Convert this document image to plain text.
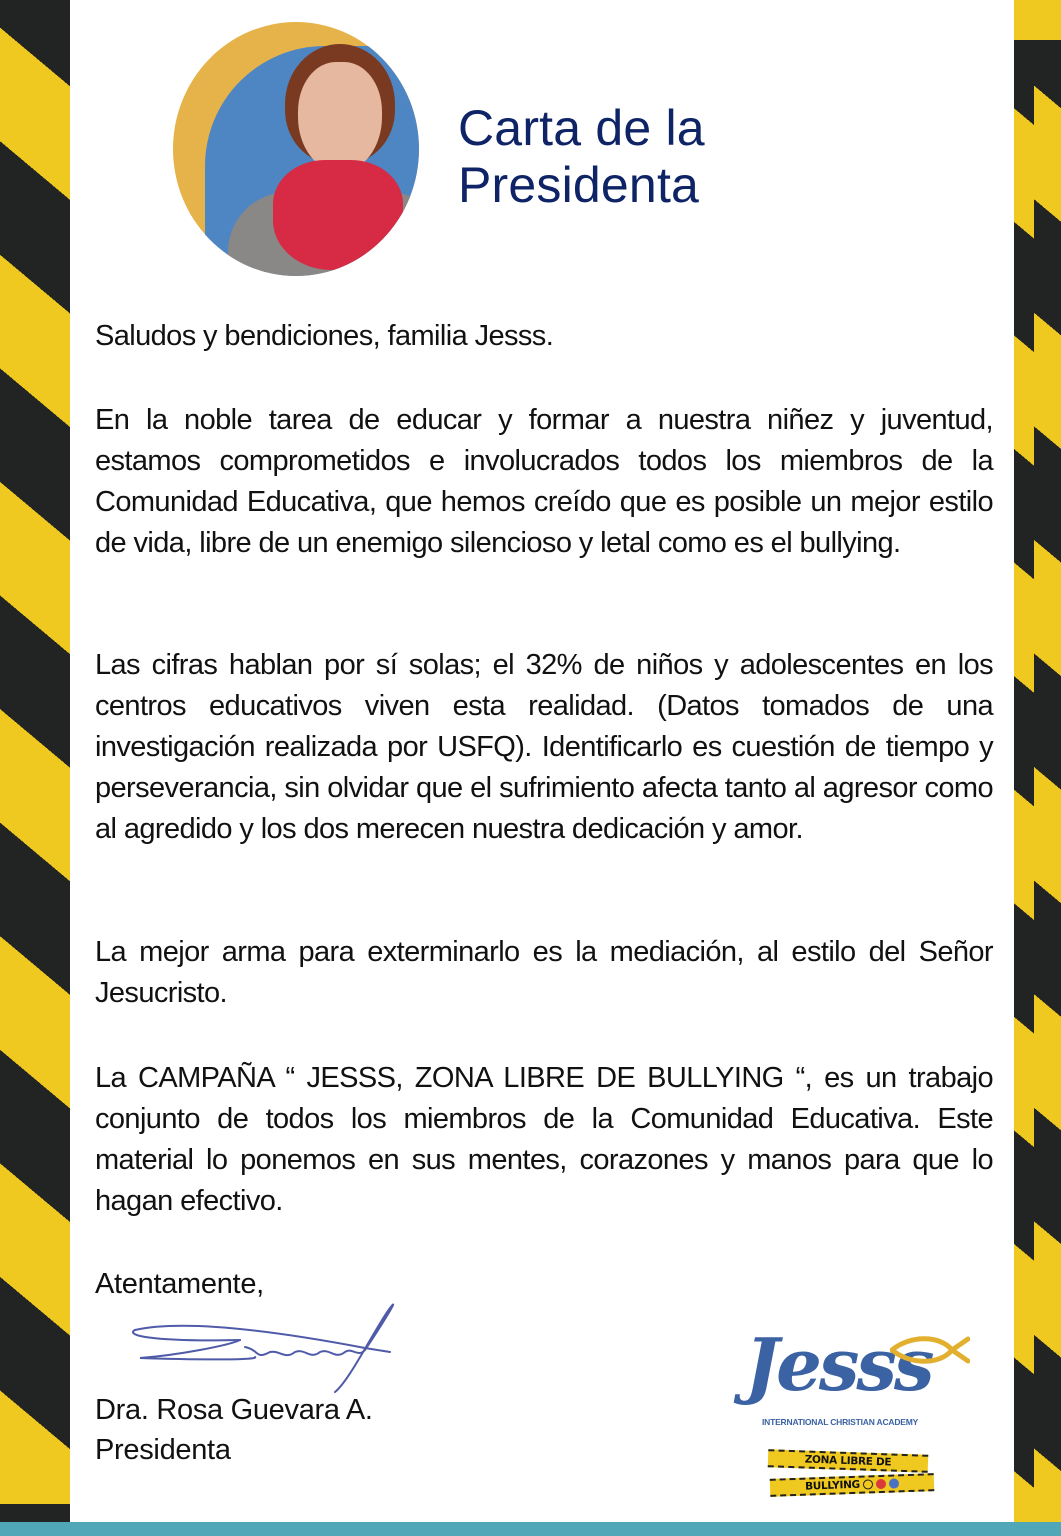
Carta de la
Presidenta
Saludos y bendiciones, familia Jesss.
En la noble tarea de educar y formar a nuestra niñez y juventud, estamos comprometidos e involucrados todos los miembros de la Comunidad Educativa, que hemos creído que es posible un mejor estilo de vida, libre de un enemigo silencioso y letal como es el bullying.
Las cifras hablan por sí solas; el 32% de niños y adolescentes en los centros educativos viven esta realidad. (Datos tomados de una investigación realizada por USFQ). Identificarlo es cuestión de tiempo y perseverancia, sin olvidar que el sufrimiento afecta tanto al agresor como al agredido y los dos merecen nuestra dedicación y amor.
La mejor arma para exterminarlo es la mediación, al estilo del Señor Jesucristo.
La CAMPAÑA “ JESSS, ZONA LIBRE DE BULLYING “, es un trabajo conjunto de todos los miembros de la Comunidad Educativa. Este material lo ponemos en sus mentes, corazones y manos para que lo hagan efectivo.
Atentamente,
Dra. Rosa Guevara A.
Presidenta
Jesss
INTERNATIONAL CHRISTIAN ACADEMY
ZONA LIBRE DE
BULLYING
